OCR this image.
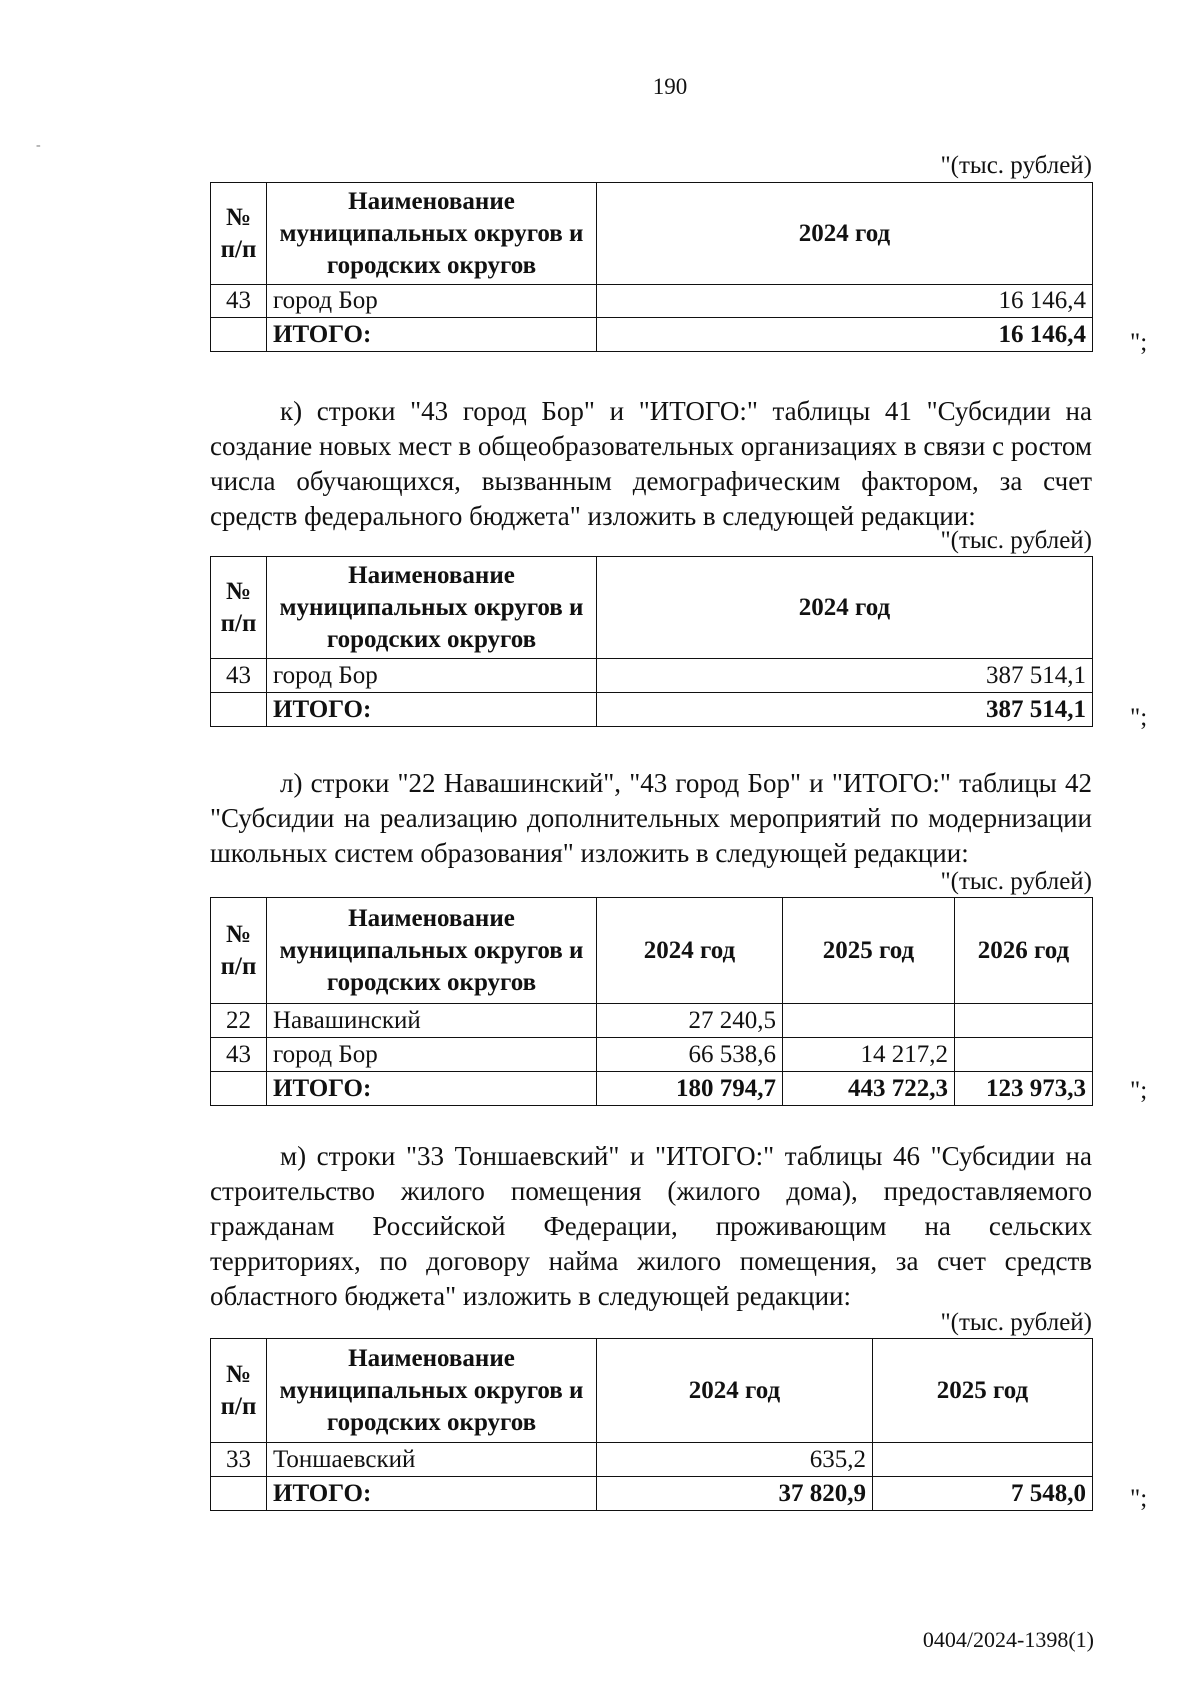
190
-
"(тыс. рублей)
№
п/п	Наименование муниципальных округов и городских округов	2024 год
43	город Бор	16 146,4
	ИТОГО:	16 146,4 ";
к) строки "43 город Бор" и "ИТОГО:" таблицы 41 "Субсидии на создание новых мест в общеобразовательных организациях в связи с ростом числа обучающихся, вызванным демографическим фактором, за счет средств федерального бюджета" изложить в следующей редакции:
"(тыс. рублей)
№
п/п	Наименование муниципальных округов и городских округов	2024 год
43	город Бор	387 514,1
	ИТОГО:	387 514,1 ";
л) строки "22 Навашинский", "43 город Бор" и "ИТОГО:" таблицы 42 "Субсидии на реализацию дополнительных мероприятий по модернизации школьных систем образования" изложить в следующей редакции:
"(тыс. рублей)
№
п/п	Наименование муниципальных округов и городских округов	2024 год	2025 год	2026 год
22	Навашинский	27 240,5		
43	город Бор	66 538,6	14 217,2	
	ИТОГО:	180 794,7	443 722,3	123 973,3 ";
м) строки "33 Тоншаевский" и "ИТОГО:" таблицы 46 "Субсидии на строительство жилого помещения (жилого дома), предоставляемого гражданам Российской Федерации, проживающим на сельских территориях, по договору найма жилого помещения, за счет средств областного бюджета" изложить в следующей редакции:
"(тыс. рублей)
№
п/п	Наименование муниципальных округов и городских округов	2024 год	2025 год
33	Тоншаевский	635,2	
	ИТОГО:	37 820,9	7 548,0 ";
0404/2024-1398(1)
